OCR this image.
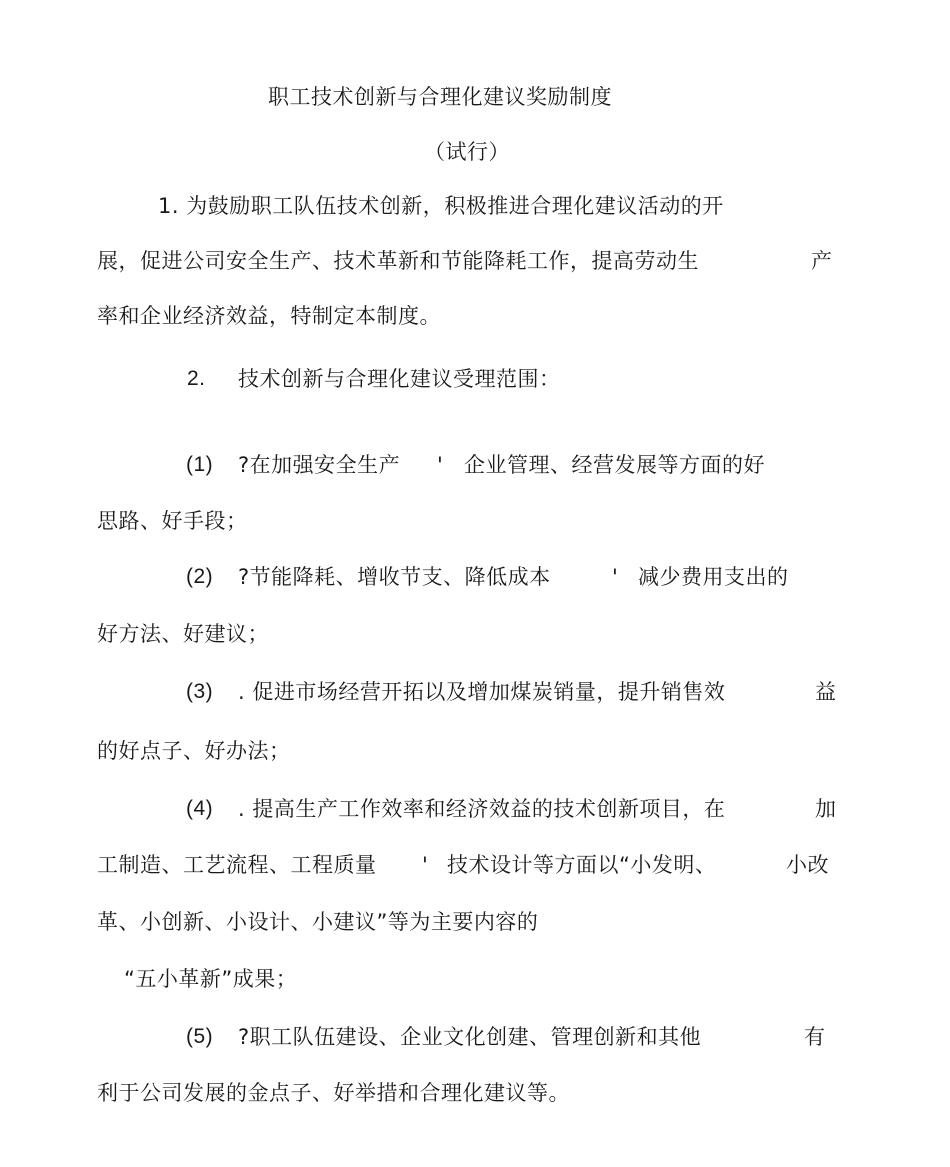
职工技术创新与合理化建议奖励制度
（试行）
1. 为鼓励职工队伍技术创新，积极推进合理化建议活动的开
展，促进公司安全生产、技术革新和节能降耗工作，提高劳动生	产
率和企业经济效益，特制定本制度。
2. 技术创新与合理化建议受理范围：
(1) ?在加强安全生产 ' 企业管理、经营发展等方面的好
思路、好手段；
(2) ?节能降耗、增收节支、降低成本	' 减少费用支出的
好方法、好建议；
(3) . 促进市场经营开拓以及增加煤炭销量，提升销售效	益
的好点子、好办法；
(4) . 提高生产工作效率和经济效益的技术创新项目，在	加
工制造、工艺流程、工程质量 ' 技术设计等方面以“小发明、	小改
革、小创新、小设计、小建议”等为主要内容的
“五小革新”成果；
(5) ?职工队伍建设、企业文化创建、管理创新和其他	有
利于公司发展的金点子、好举措和合理化建议等。
